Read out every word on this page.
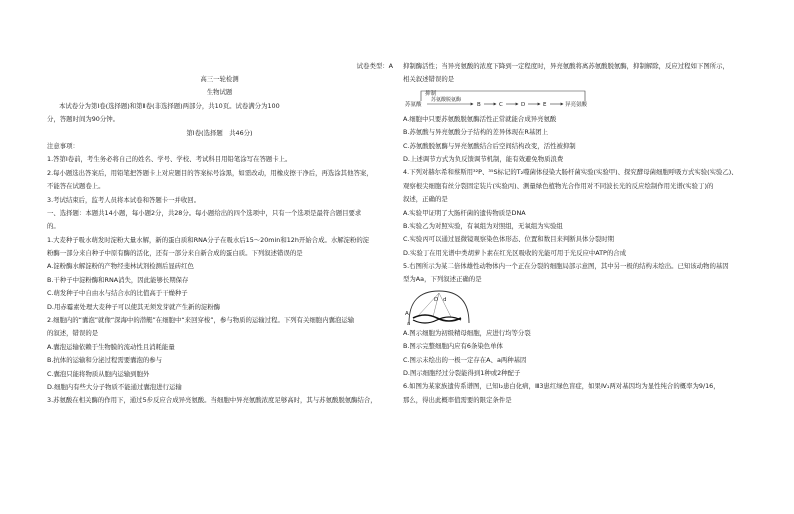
高三一轮检测
生物试题
本试卷分为第Ⅰ卷(选择题)和第Ⅱ卷(非选择题)两部分，共10页。试卷满分为100
分，答题时间为90分钟。
第Ⅰ卷(选择题　共46分)
注意事项：
1.答第Ⅰ卷前，考生务必将自己的姓名、学号、学校、考试科目用铅笔涂写在答题卡上。
2.每小题选出答案后，用铅笔把答题卡上对应题目的答案标号涂黑，如需改动，用橡皮擦干净后，再选涂其他答案，
不能答在试题卷上。
3.考试结束后，监考人员将本试卷和答题卡一并收回。
一、选择题：本题共14小题，每小题2分，共28分。每小题给出的四个选项中，只有一个选项是最符合题目要求
的。
1.大麦种子吸水萌发时淀粉大量水解，新的蛋白质和RNA分子在吸水后15～20min和12h开始合成。水解淀粉的淀
粉酶一部分来自种子中原有酶的活化，还有一部分来自新合成的蛋白质。下列叙述错误的是
A.淀粉酶水解淀粉的产物经斐林试剂检测后显砖红色
B.干种子中淀粉酶和RNA消失，因此能够长期保存
C.萌发种子中自由水与结合水的比值高于干燥种子
D.用赤霉素处理大麦种子可以使其无须发芽就产生新的淀粉酶
2.细胞内的“囊泡”就像“深海中的潜艇”在细胞中“来回穿梭”，参与物质的运输过程。下列有关细胞内囊泡运输
的叙述，错误的是
A.囊泡运输依赖于生物膜的流动性且消耗能量
B.抗体的运输和分泌过程需要囊泡的参与
C.囊泡只能将物质从胞内运输到胞外
D.细胞内有些大分子物质不能通过囊泡进行运输
3.苏氨酸在相关酶的作用下，通过5步反应合成异亮氨酸。当细胞中异亮氨酸浓度足够高时，其与苏氨酸脱氨酶结合，
试卷类型：A 抑制酶活性；当异亮氨酸的浓度下降到一定程度时，异亮氨酸将离苏氨酸脱氨酶，抑制解除，反应过程如下图所示，
相关叙述错误的是
抑制
苏氨酸
苏氨酸脱氨酶
B	C	D	E	异亮氨酸
A.细胞中只要苏氨酸脱氨酶活性正常就能合成异亮氨酸
B.苏氨酸与异亮氨酸分子结构的差异体现在R基团上
C.苏氨酸脱氨酶与异亮氨酸结合后空间结构改变，活性被抑制
D.上述调节方式为负反馈调节机制，能有效避免物质浪费
4.下列对赫尔希和蔡斯用³²P、³⁵S标记的T₂噬菌体侵染大肠杆菌实验(实验甲)、探究酵母菌细胞呼吸方式实验(实验乙)、
观察根尖细胞有丝分裂固定装片(实验丙)、测量绿色植物光合作用对不同波长光的反应绘制作用光谱(实验丁)的
叙述，正确的是
A.实验甲证明了大肠杆菌的遗传物质是DNA
B.实验乙为对照实验，有氧组为对照组，无氧组为实验组
C.实验丙可以通过显微镜观察染色体形态、位置和数目来判断具体分裂时期
D.实验丁在用光谱中类胡萝卜素在红光区吸收的光能可用于光反应中ATP的合成
5.右图所示为某二倍体雄性动物体内一个正在分裂的细胞局部示意图，其中另一极的结构未绘出。已知该动物的基因
型为Aa，下列叙述正确的是
A
a
D d
A.图示细胞为初级精母细胞，应进行均等分裂
B.图示完整细胞内应有6条染色单体
C.图示未绘出的一极一定存在A、a两种基因
D.图示细胞经过分裂能得到1种或2种配子
6.如图为某家族遗传系谱图，已知Ⅰ₂患白化病，Ⅲ3患红绿色盲症，如果Ⅳ₁两对基因均为显性纯合的概率为9/16，
那么，得出此概率值需要的限定条件是
